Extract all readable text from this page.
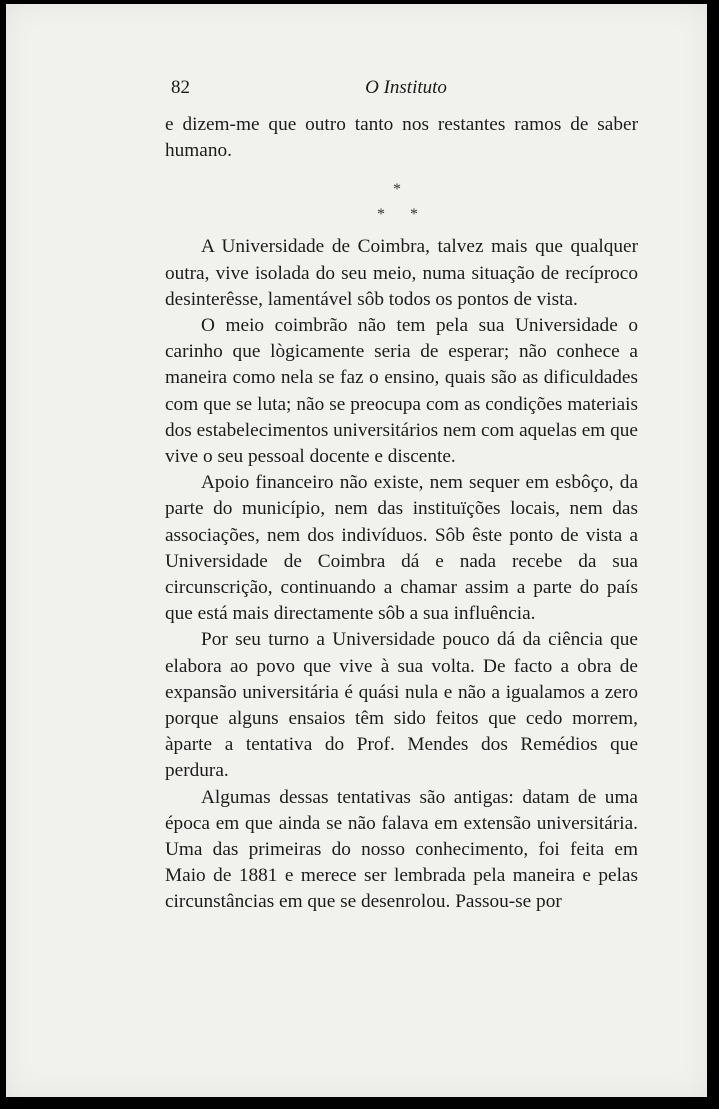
82	O Instituto

e dizem-me que outro tanto nos restantes ramos de saber humano.

*
* *

A Universidade de Coimbra, talvez mais que qualquer outra, vive isolada do seu meio, numa situação de recíproco desinterêsse, lamentável sôb todos os pontos de vista.

O meio coimbrão não tem pela sua Universidade o carinho que lògicamente seria de esperar; não conhece a maneira como nela se faz o ensino, quais são as dificuldades com que se luta; não se preocupa com as condições materiais dos estabelecimentos universitários nem com aquelas em que vive o seu pessoal docente e discente.

Apoio financeiro não existe, nem sequer em esbôço, da parte do município, nem das instituïções locais, nem das associações, nem dos indivíduos. Sôb êste ponto de vista a Universidade de Coimbra dá e nada recebe da sua circunscrição, continuando a chamar assim a parte do país que está mais directamente sôb a sua influência.

Por seu turno a Universidade pouco dá da ciência que elabora ao povo que vive à sua volta. De facto a obra de expansão universitária é quási nula e não a igualamos a zero porque alguns ensaios têm sido feitos que cedo morrem, àparte a tentativa do Prof. Mendes dos Remédios que perdura.

Algumas dessas tentativas são antigas: datam de uma época em que ainda se não falava em extensão universitária. Uma das primeiras do nosso conhecimento, foi feita em Maio de 1881 e merece ser lembrada pela maneira e pelas circunstâncias em que se desenrolou. Passou-se por
